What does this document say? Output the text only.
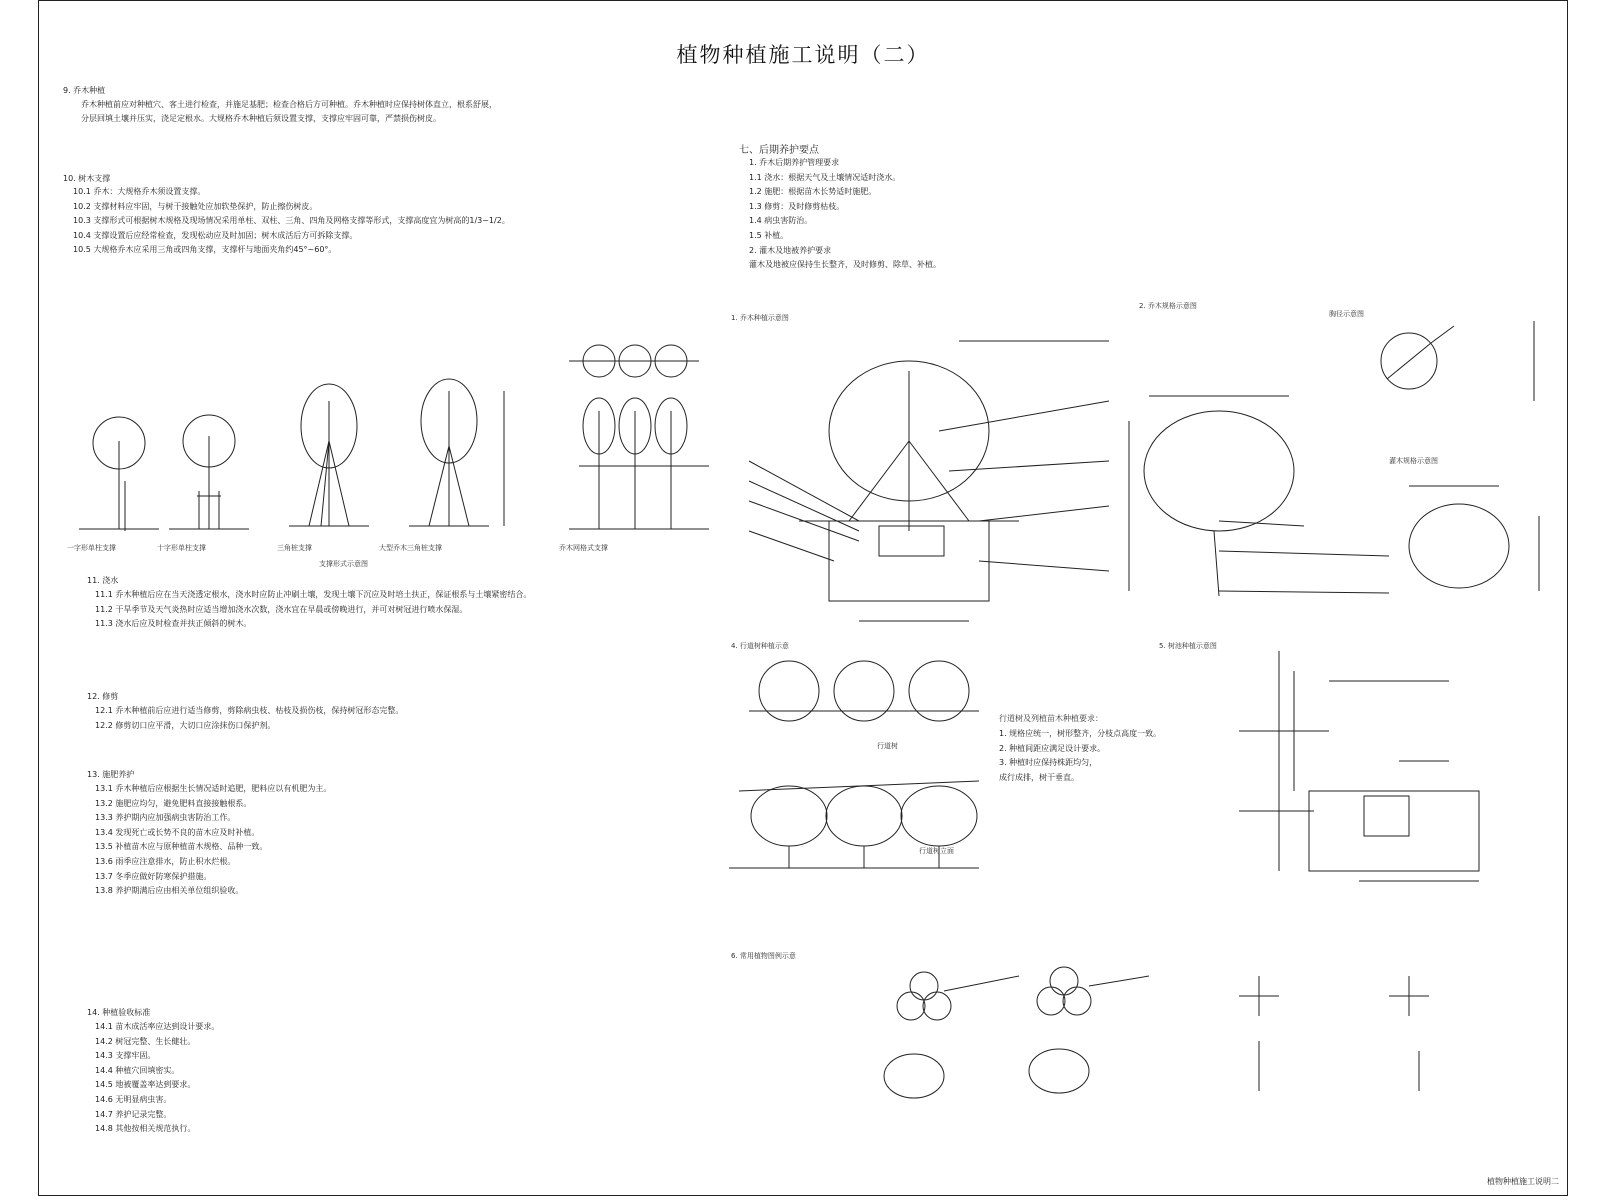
植物种植施工说明（二）
9. 乔木种植
乔木种植前应对种植穴、客土进行检查，并施足基肥；检查合格后方可种植。乔木种植时应保持树体直立，根系舒展，分层回填土壤并压实，浇足定根水。大规格乔木种植后须设置支撑，支撑应牢固可靠，严禁损伤树皮。
10. 树木支撑
10.1 乔木：大规格乔木须设置支撑。
10.2 支撑材料应牢固，与树干接触处应加软垫保护，防止擦伤树皮。
10.3 支撑形式可根据树木规格及现场情况采用单柱、双柱、三角、四角及网格支撑等形式，支撑高度宜为树高的1/3~1/2。
10.4 支撑设置后应经常检查，发现松动应及时加固；树木成活后方可拆除支撑。
10.5 大规格乔木应采用三角或四角支撑，支撑杆与地面夹角约45°~60°。
一字形单柱支撑	十字形单柱支撑	三角桩支撑	大型乔木三角桩支撑	乔木网格式支撑
支撑形式示意图
11. 浇水
11.1 乔木种植后应在当天浇透定根水，浇水时应防止冲刷土壤，发现土壤下沉应及时培土扶正，保证根系与土壤紧密结合。
11.2 干旱季节及天气炎热时应适当增加浇水次数，浇水宜在早晨或傍晚进行，并可对树冠进行喷水保湿。
11.3 浇水后应及时检查并扶正倾斜的树木。
12. 修剪
12.1 乔木种植前后应进行适当修剪，剪除病虫枝、枯枝及损伤枝，保持树冠形态完整。
12.2 修剪切口应平滑，大切口应涂抹伤口保护剂。
13. 施肥养护
13.1 乔木种植后应根据生长情况适时追肥，肥料应以有机肥为主。
13.2 施肥应均匀，避免肥料直接接触根系。
13.3 养护期内应加强病虫害防治工作。
13.4 发现死亡或长势不良的苗木应及时补植。
13.5 补植苗木应与原种植苗木规格、品种一致。
13.6 雨季应注意排水，防止积水烂根。
13.7 冬季应做好防寒保护措施。
13.8 养护期满后应由相关单位组织验收。
14. 种植验收标准
14.1 苗木成活率应达到设计要求。
14.2 树冠完整、生长健壮。
14.3 支撑牢固。
14.4 种植穴回填密实。
14.5 地被覆盖率达到要求。
14.6 无明显病虫害。
14.7 养护记录完整。
14.8 其他按相关规范执行。
七、后期养护要点
1. 乔木后期养护管理要求
1.1 浇水：根据天气及土壤情况适时浇水。
1.2 施肥：根据苗木长势适时施肥。
1.3 修剪：及时修剪枯枝。
1.4 病虫害防治。
1.5 补植。
2. 灌木及地被养护要求
灌木及地被应保持生长整齐，及时修剪、除草、补植。
1. 乔木种植示意图
2. 乔木规格示意图
胸径示意图
灌木规格示意图
4. 行道树种植示意
行道树
行道树立面
行道树及列植苗木种植要求：
1. 规格应统一，树形整齐，分枝点高度一致。
2. 种植间距应满足设计要求。
3. 种植时应保持株距均匀，
成行成排，树干垂直。
5. 树池种植示意图
6. 常用植物图例示意
植物种植施工说明二
